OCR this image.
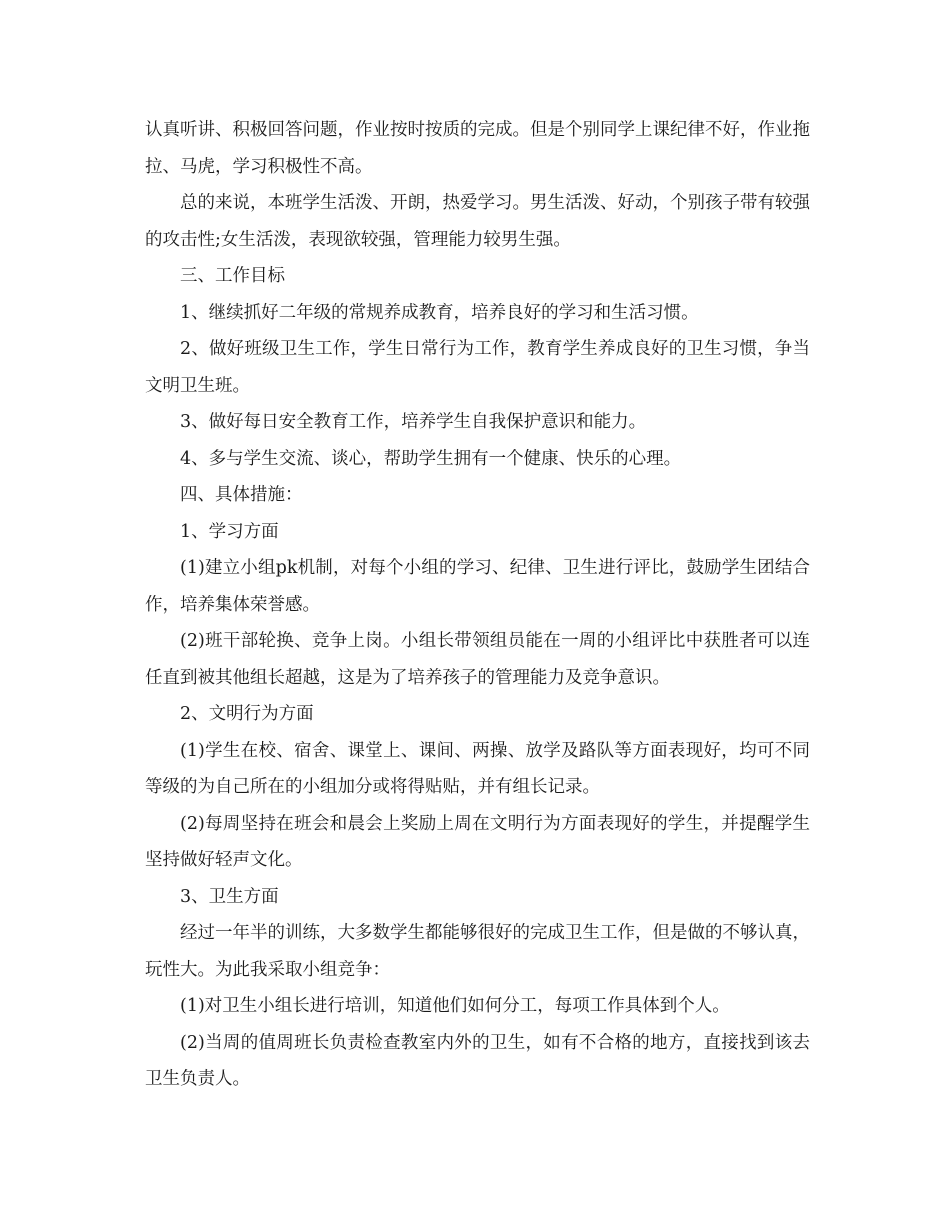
认真听讲、积极回答问题，作业按时按质的完成。但是个别同学上课纪律不好，作业拖拉、马虎，学习积极性不高。

总的来说，本班学生活泼、开朗，热爱学习。男生活泼、好动，个别孩子带有较强的攻击性;女生活泼，表现欲较强，管理能力较男生强。

三、工作目标

1、继续抓好二年级的常规养成教育，培养良好的学习和生活习惯。

2、做好班级卫生工作，学生日常行为工作，教育学生养成良好的卫生习惯，争当文明卫生班。

3、做好每日安全教育工作，培养学生自我保护意识和能力。

4、多与学生交流、谈心，帮助学生拥有一个健康、快乐的心理。

四、具体措施：

1、学习方面

(1)建立小组pk机制，对每个小组的学习、纪律、卫生进行评比，鼓励学生团结合作，培养集体荣誉感。

(2)班干部轮换、竞争上岗。小组长带领组员能在一周的小组评比中获胜者可以连任直到被其他组长超越，这是为了培养孩子的管理能力及竞争意识。

2、文明行为方面

(1)学生在校、宿舍、课堂上、课间、两操、放学及路队等方面表现好，均可不同等级的为自己所在的小组加分或将得贴贴，并有组长记录。

(2)每周坚持在班会和晨会上奖励上周在文明行为方面表现好的学生，并提醒学生坚持做好轻声文化。

3、卫生方面

经过一年半的训练，大多数学生都能够很好的完成卫生工作，但是做的不够认真，玩性大。为此我采取小组竞争：

(1)对卫生小组长进行培训，知道他们如何分工，每项工作具体到个人。

(2)当周的值周班长负责检查教室内外的卫生，如有不合格的地方，直接找到该去卫生负责人。
